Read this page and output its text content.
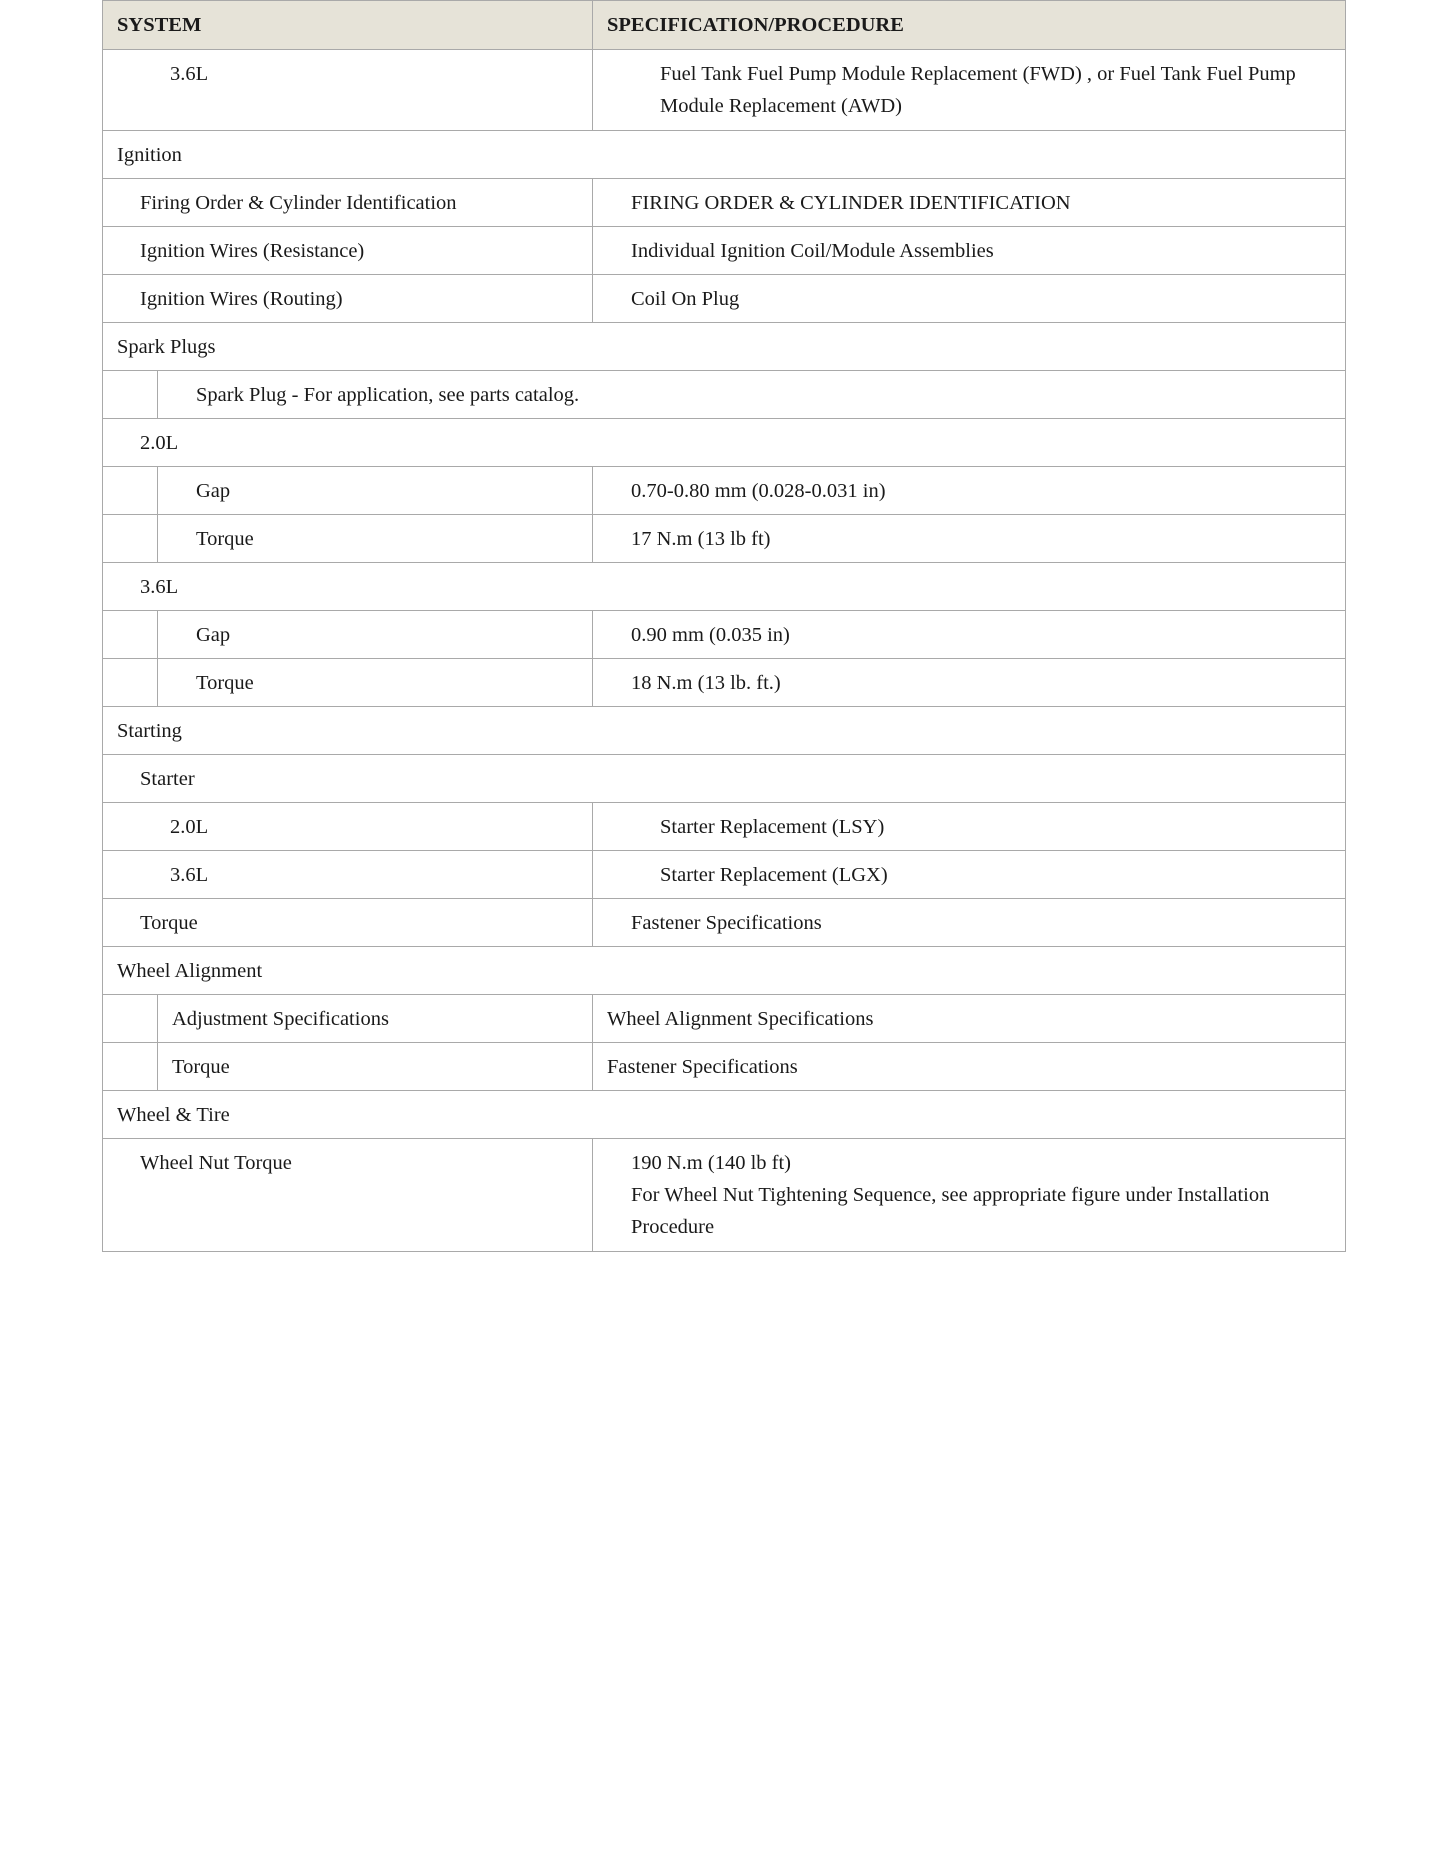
SYSTEM		SPECIFICATION/PROCEDURE
3.6L		Fuel Tank Fuel Pump Module Replacement (FWD) , or Fuel Tank Fuel Pump Module Replacement (AWD)
Ignition		
Firing Order & Cylinder Identification		FIRING ORDER & CYLINDER IDENTIFICATION
Ignition Wires (Resistance)		Individual Ignition Coil/Module Assemblies
Ignition Wires (Routing)		Coil On Plug
Spark Plugs		
	Spark Plug - For application, see parts catalog.	
2.0L		
	Gap	0.70-0.80 mm (0.028-0.031 in)
	Torque	17 N.m (13 lb ft)
3.6L		
	Gap	0.90 mm (0.035 in)
	Torque	18 N.m (13 lb. ft.)
Starting		
Starter		
2.0L		Starter Replacement (LSY)
3.6L		Starter Replacement (LGX)
Torque		Fastener Specifications
Wheel Alignment		
	Adjustment Specifications	Wheel Alignment Specifications
	Torque	Fastener Specifications
Wheel & Tire		
Wheel Nut Torque		190 N.m (140 lb ft)
For Wheel Nut Tightening Sequence, see appropriate figure under Installation Procedure
